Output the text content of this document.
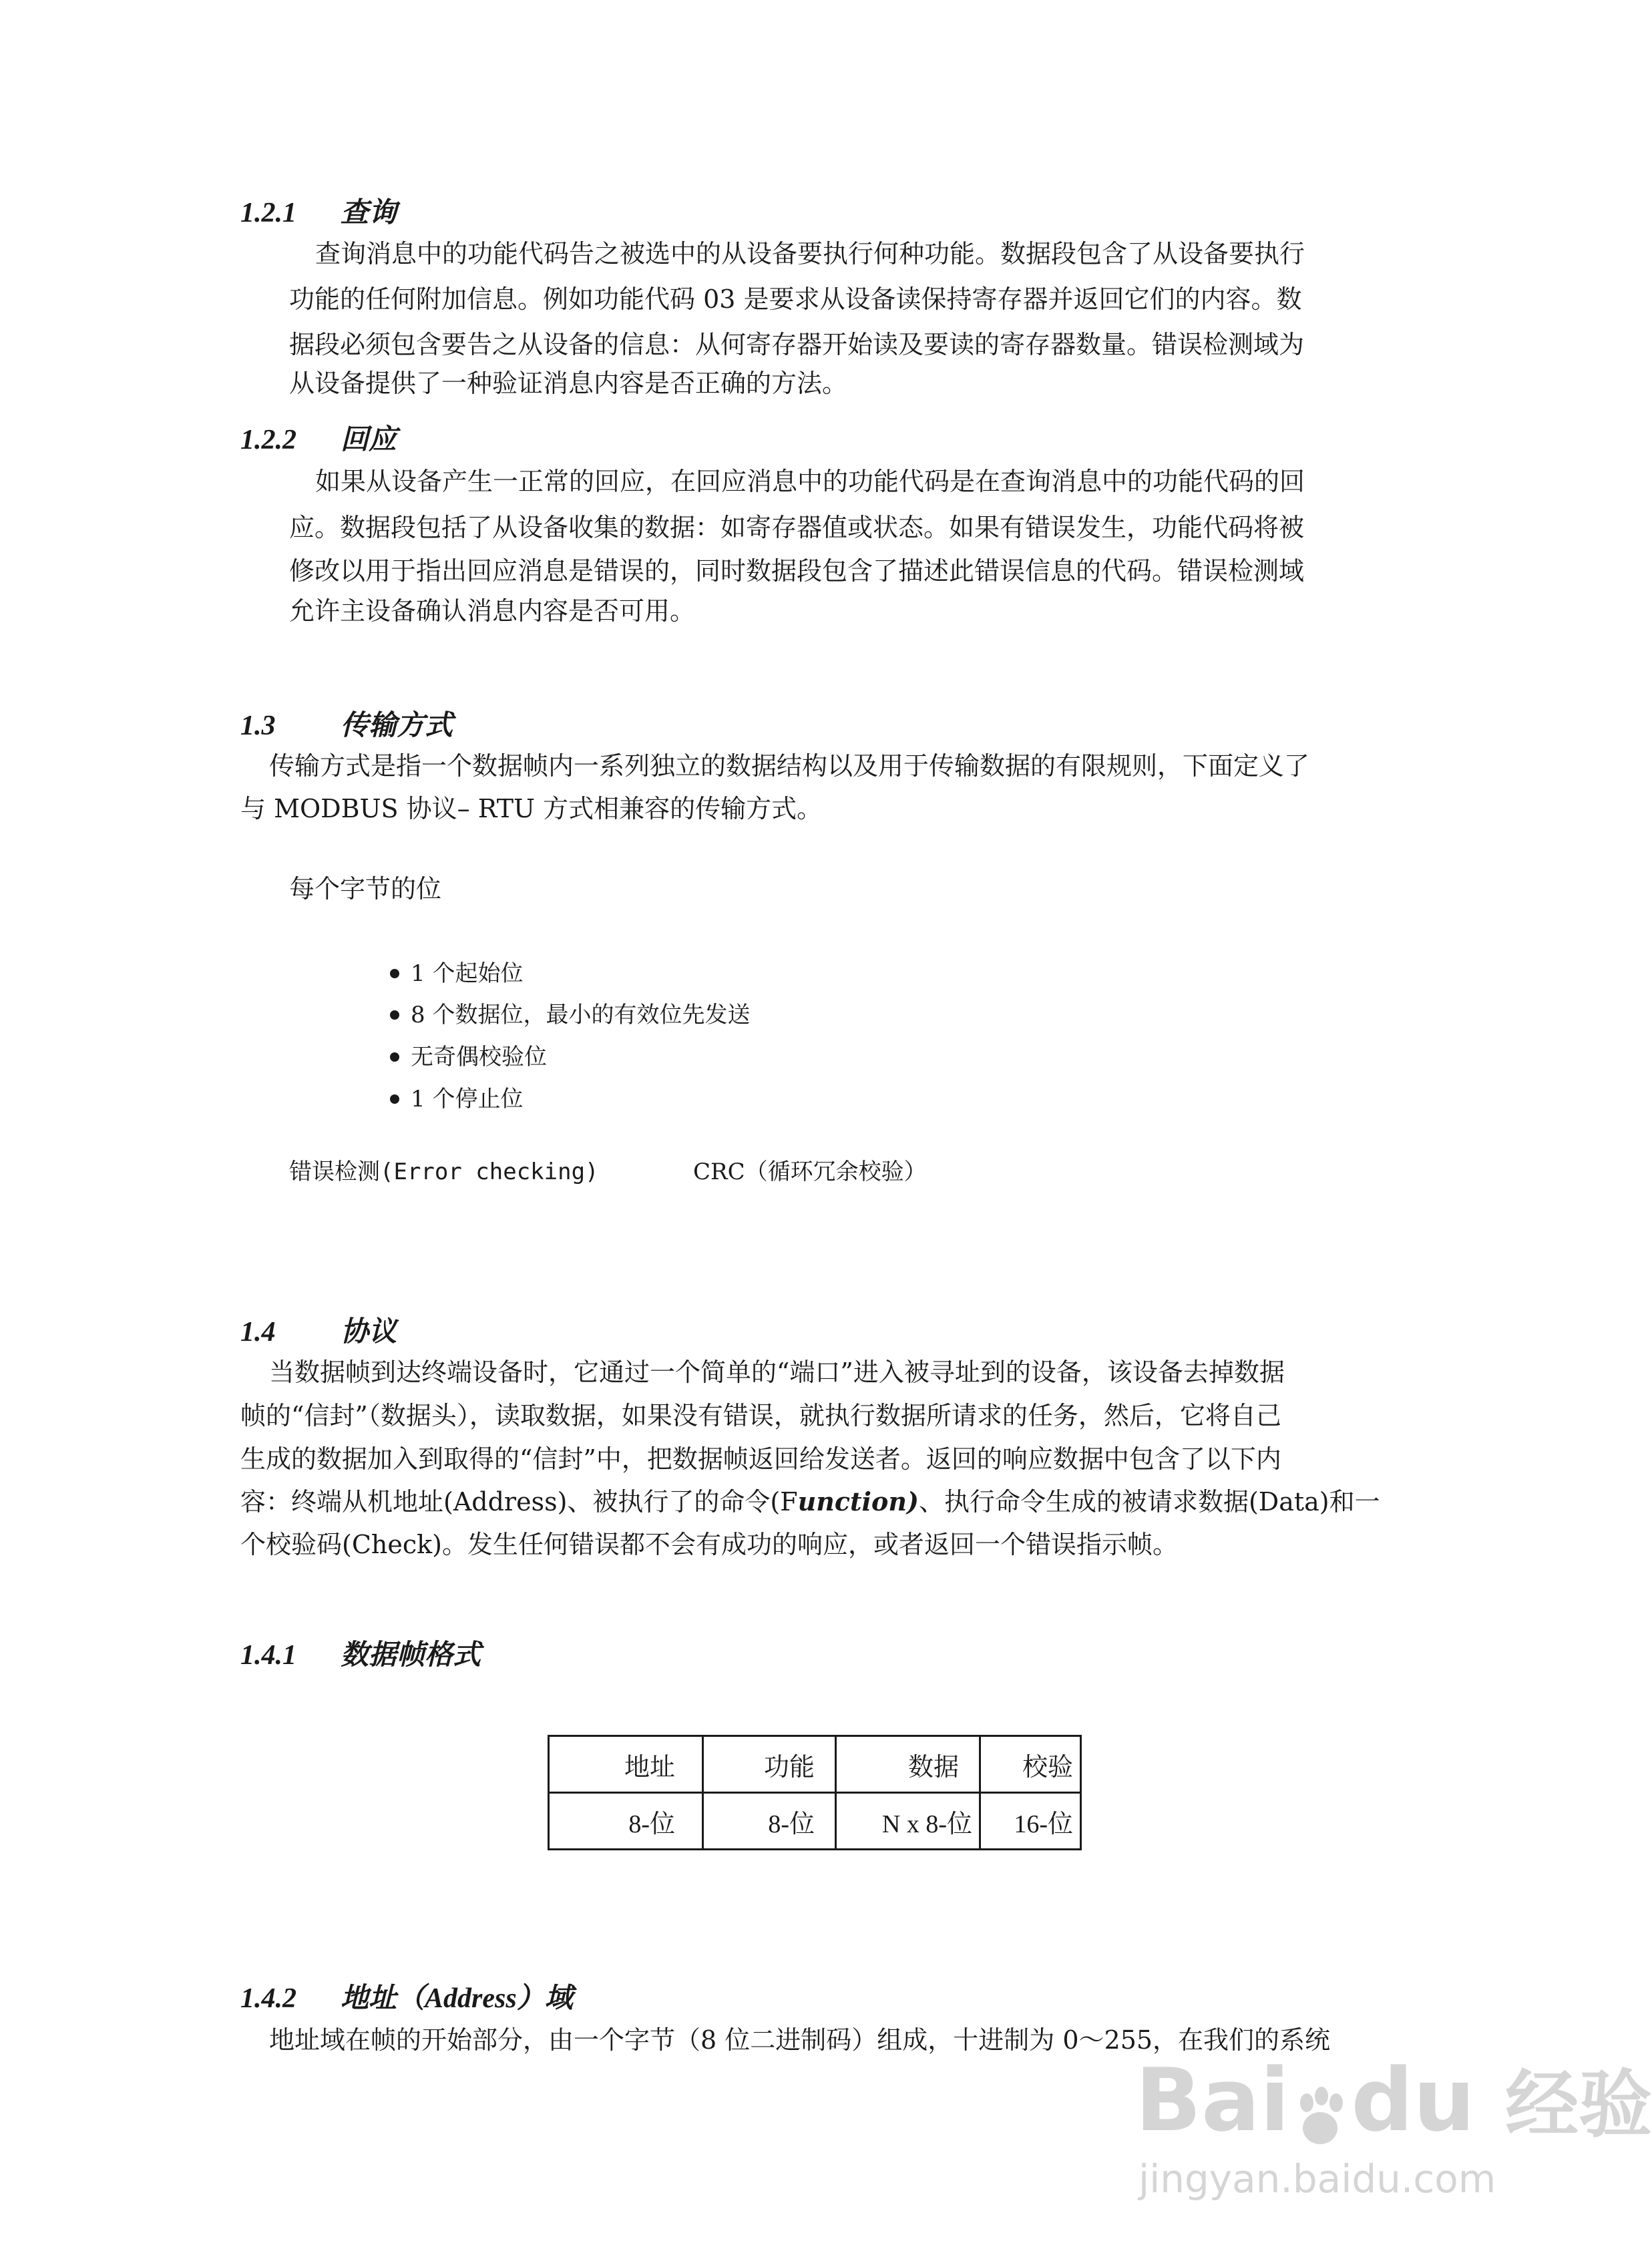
1.2.1 查询
查询消息中的功能代码告之被选中的从设备要执行何种功能。数据段包含了从设备要执行
功能的任何附加信息。例如功能代码 03 是要求从设备读保持寄存器并返回它们的内容。数
据段必须包含要告之从设备的信息：从何寄存器开始读及要读的寄存器数量。错误检测域为
从设备提供了一种验证消息内容是否正确的方法。
1.2.2 回应
如果从设备产生一正常的回应，在回应消息中的功能代码是在查询消息中的功能代码的回
应。数据段包括了从设备收集的数据：如寄存器值或状态。如果有错误发生，功能代码将被
修改以用于指出回应消息是错误的，同时数据段包含了描述此错误信息的代码。错误检测域
允许主设备确认消息内容是否可用。
1.3 传输方式
传输方式是指一个数据帧内一系列独立的数据结构以及用于传输数据的有限规则，下面定义了
与 MODBUS 协议– RTU 方式相兼容的传输方式。
每个字节的位
1 个起始位
8 个数据位，最小的有效位先发送
无奇偶校验位
1 个停止位
错误检测(Error checking)	CRC（循环冗余校验）
1.4 协议
当数据帧到达终端设备时，它通过一个简单的“端口”进入被寻址到的设备，该设备去掉数据
帧的“信封”（数据头），读取数据，如果没有错误，就执行数据所请求的任务，然后，它将自己
生成的数据加入到取得的“信封”中，把数据帧返回给发送者。返回的响应数据中包含了以下内
容：终端从机地址(Address)、被执行了的命令(Function)、执行命令生成的被请求数据(Data)和一
个校验码(Check)。发生任何错误都不会有成功的响应，或者返回一个错误指示帧。
1.4.1 数据帧格式
地址	功能	数据	校验
8-位	8-位	N x 8-位	16-位
1.4.2 地址（Address）域
地址域在帧的开始部分，由一个字节（8 位二进制码）组成，十进制为 0～255，在我们的系统
Bai du 经验
jingyan.baidu.com
